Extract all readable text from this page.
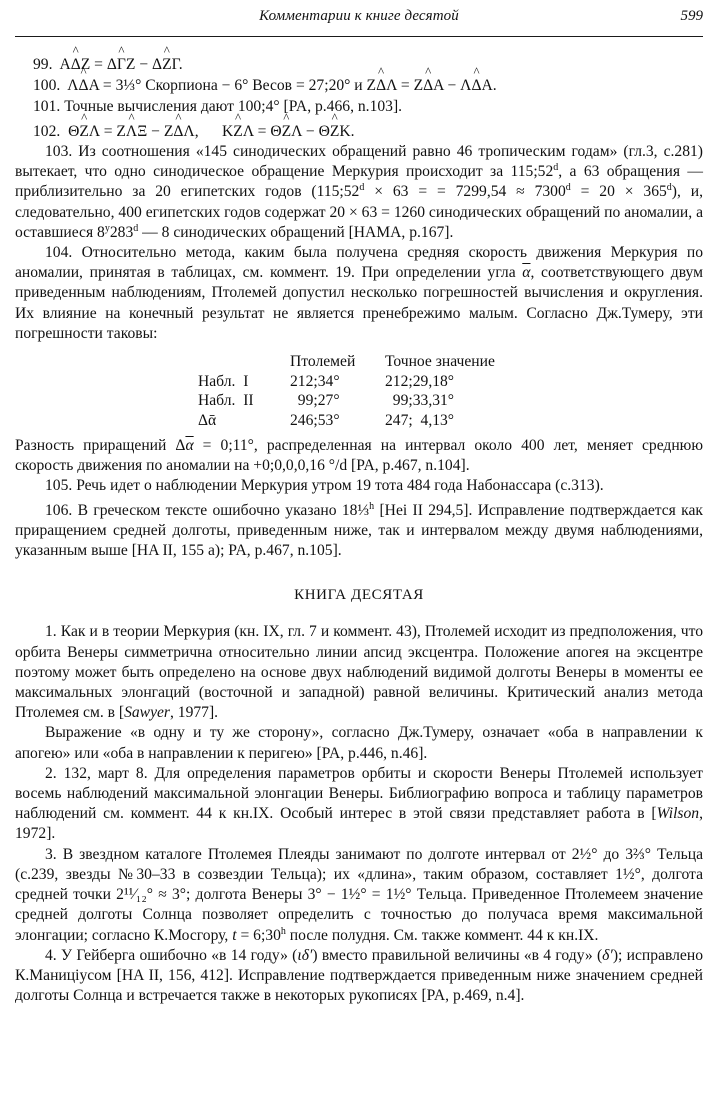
Комментарии к книге десятой	599

99. A^ ΔZ = Δ^ ΓZ − Δ^ ZΓ.

100. Λ^ ΔA = 3⅓° Скорпиона − 6° Весов = 27;20° и Z^ ΔΛ = Z^ ΔA − Λ^ ΔA.

101. Точные вычисления дают 100;4° [PA, p.466, n.103].

102. Θ^ ZΛ = Z^ ΛΞ − Z^ ΔΛ, K^ ZΛ = Θ^ ZΛ − Θ^ ZK.

103. Из соотношения «145 синодических обращений равно 46 тропическим годам» (гл.3, с.281) вытекает, что одно синодическое обращение Меркурия происходит за 115;52$^d$, а 63 обращения — приблизительно за 20 египетских годов ($115;52^d \times 63$ = = $7299,54 \approx 7300^d = 20 \times 365^d$), и, следовательно, 400 египетских годов содержат 20 × 63 = 1260 синодических обращений по аномалии, а оставшиеся 8$^y$283$^d$ — 8 синодических обращений [HAMA, p.167].

104. Относительно метода, каким была получена средняя скорость движения Меркурия по аномалии, принятая в таблицах, см. коммент. 19. При определении угла $\overline{\alpha}$, соответствующего двум приведенным наблюдениям, Птолемей допустил несколько погрешностей вычисления и округления. Их влияние на конечный результат не является пренебрежимо малым. Согласно Дж.Тумеру, эти погрешности таковы:

	Птолемей	Точное значение
Набл.  I	212;34°	212;29,18°
Набл.  II	99;27°	99;33,31°
Δᾱ	246;53°	247;  4,13°

Разность приращений $\Delta\overline{\alpha}$ = 0;11°, распределенная на интервал около 400 лет, меняет среднюю скорость движения по аномалии на +0;0,0,0,16 °/d [PA, p.467, n.104].

105. Речь идет о наблюдении Меркурия утром 19 тота 484 года Набонассара (с.313).

106. В греческом тексте ошибочно указано 18⅓$^h$ [Hei II 294,5]. Исправление подтверждается как приращением средней долготы, приведенным ниже, так и интервалом между двумя наблюдениями, указанным выше [HA II, 155 a); PA, p.467, n.105].

КНИГА ДЕСЯТАЯ

1. Как и в теории Меркурия (кн. IX, гл. 7 и коммент. 43), Птолемей исходит из предположения, что орбита Венеры симметрична относительно линии апсид эксцентра. Положение апогея на эксцентре поэтому может быть определено на основе двух наблюдений видимой долготы Венеры в моменты ее максимальных элонгаций (восточной и западной) равной величины. Критический анализ метода Птолемея см. в [Sawyer, 1977].

Выражение «в одну и ту же сторону», согласно Дж.Тумеру, означает «оба в направлении к апогею» или «оба в направлении к перигею» [PA, p.446, n.46].

2. 132, март 8. Для определения параметров орбиты и скорости Венеры Птолемей использует восемь наблюдений максимальной элонгации Венеры. Библиографию вопроса и таблицу параметров наблюдений см. коммент. 44 к кн.IX. Особый интерес в этой связи представляет работа в [Wilson, 1972].

3. В звездном каталоге Птолемея Плеяды занимают по долготе интервал от 2½° до 3⅔° Тельца (с.239, звезды №30–33 в созвездии Тельца); их «длина», таким образом, составляет 1½°, долгота средней точки 2¹¹⁄₁₂° ≈ 3°; долгота Венеры 3° − 1½° = 1½° Тельца. Приведенное Птолемеем значение средней долготы Солнца позволяет определить с точностью до получаса время максимальной элонгации; согласно К.Мосгору, $t = 6;30^h$ после полудня. См. также коммент. 44 к кн.IX.

4. У Гейберга ошибочно «в 14 году» (ιδ′) вместо правильной величины «в 4 году» (δ′); исправлено К.Маницiусом [HA II, 156, 412]. Исправление подтверждается приведенным ниже значением средней долготы Солнца и встречается также в некоторых рукописях [PA, p.469, n.4].
